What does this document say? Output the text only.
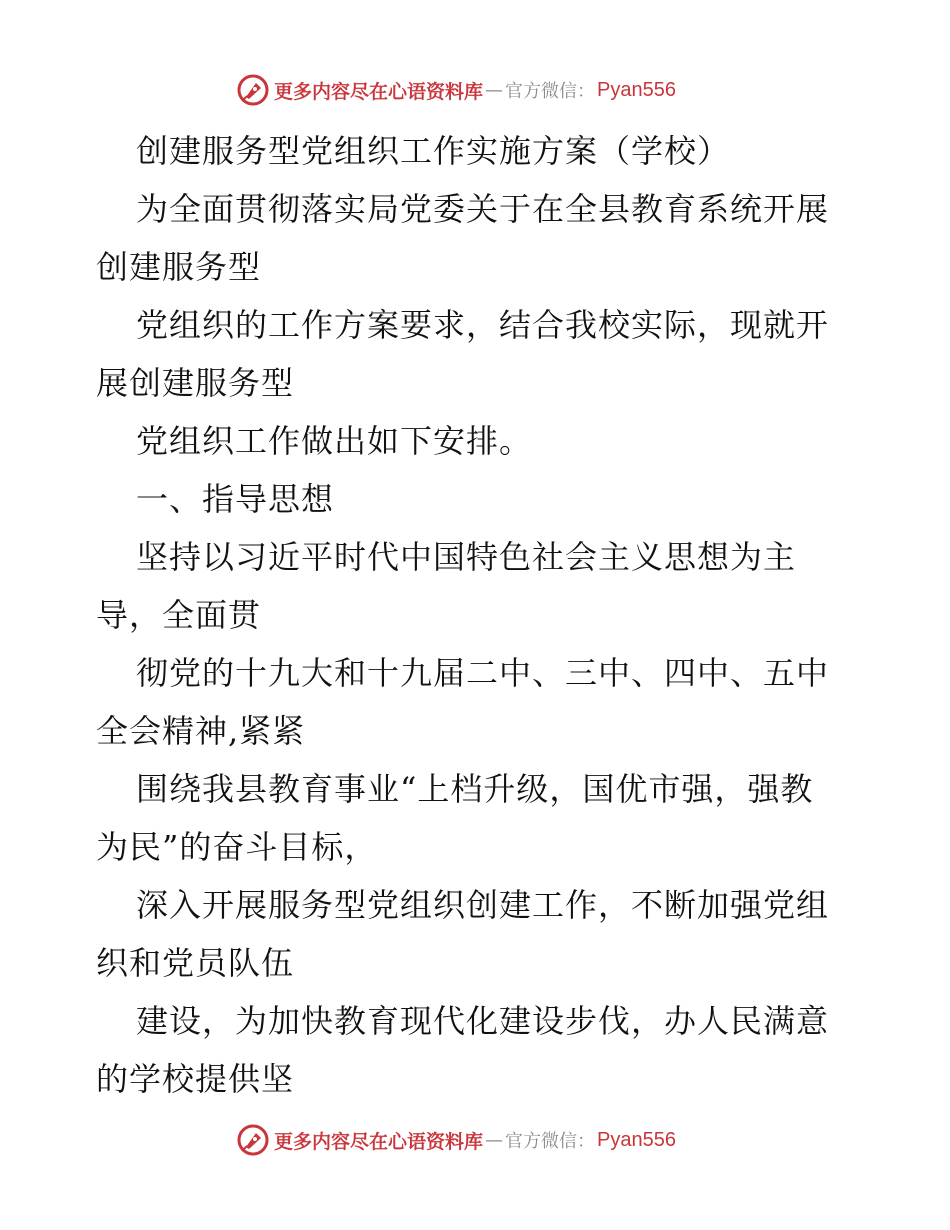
更多内容尽在心语资料库 — 官方微信 ： Pyan556
创建服务型党组织工作实施方案（学校）
为全面贯彻落实局党委关于在全县教育系统开展
创建服务型
党组织的工作方案要求，结合我校实际，现就开
展创建服务型
党组织工作做出如下安排。
一、指导思想
坚持以习近平时代中国特色社会主义思想为主
导，全面贯
彻党的十九大和十九届二中、三中、四中、五中
全会精神,紧紧
围绕我县教育事业“上档升级，国优市强，强教
为民”的奋斗目标，
深入开展服务型党组织创建工作，不断加强党组
织和党员队伍
建设，为加快教育现代化建设步伐，办人民满意
的学校提供坚
更多内容尽在心语资料库 — 官方微信 ： Pyan556
